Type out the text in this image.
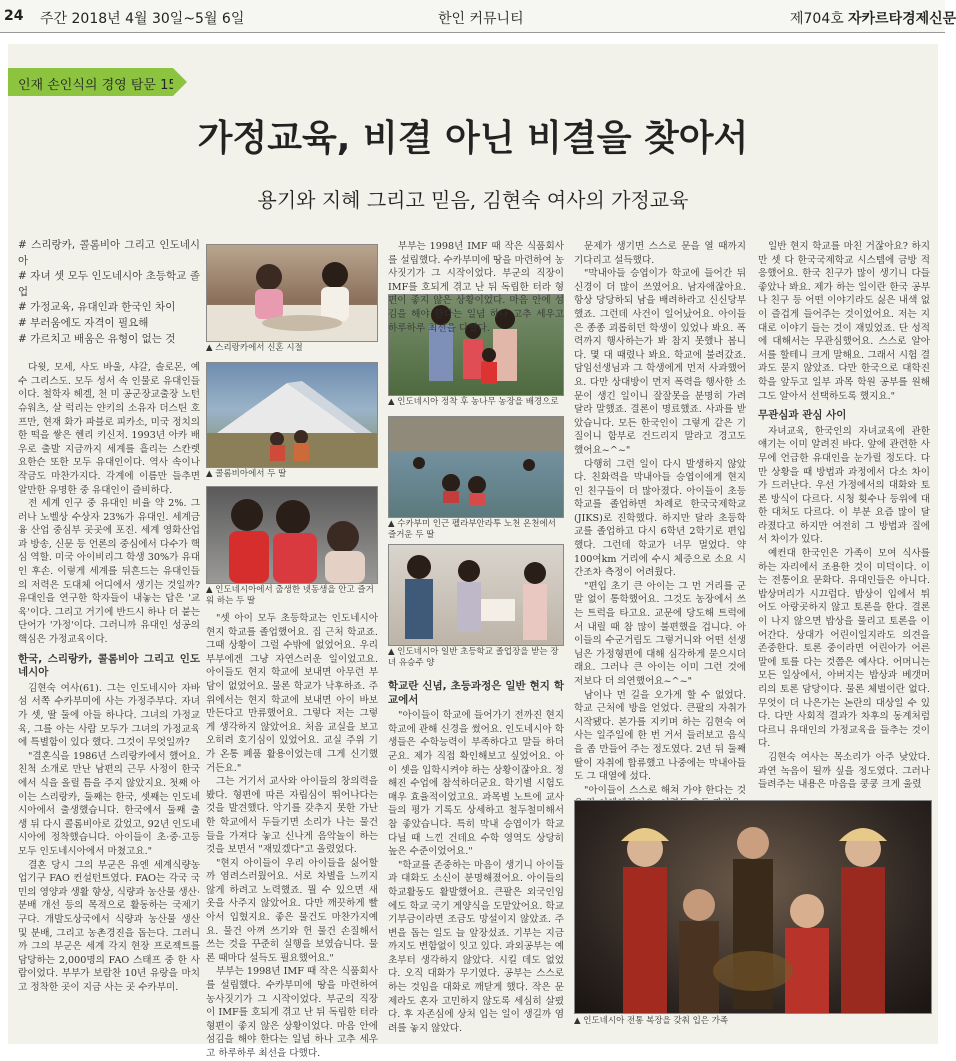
24 주간 2018년 4월 30일~5월 6일	한인 커뮤니티	제704호 자카르타경제신문
인재 손인식의 경영 탐문 15
가정교육, 비결 아닌 비결을 찾아서
용기와 지혜 그리고 믿음, 김현숙 여사의 가정교육
# 스리랑카, 콜롬비아 그리고 인도네시아
# 자녀 셋 모두 인도네시아 초등학교 졸업
# 가정교육, 유대인과 한국인 차이
# 부러움에도 자격이 필요해
# 가르치고 배움은 유형이 없는 것

다윗, 모세, 사도 바울, 샤갈, 솔로몬, 예수 그리스도. 모두 성서 속 인물로 유대인들이다. 철학자 헤겔, 천 미 공군장교출장 노턴 슈워츠, 살 럭리는 얀키의 소유자 더스틴 호프만, 현재 화가 파블로 피카소, 미국 정치의 한 떡을 쌓은 헨리 키신저. 1993년 아카 배우로 출발 지금까지 세계를 흘리는 스칸렛 요한슨 또한 모두 유대인이다. 역사 속이나 작금도 마찬가지다. 각계에 이름만 들추면 알만한 유명한 중 유대인이 즐비하다.

전 세계 인구 중 유대인 비율 약 2%. 그러나 노벨상 수상자 23%가 유대인. 세계금융 산업 중심부 곳곳에 포진. 세계 영화산업과 방송, 신문 등 언론의 중심에서 다수가 핵심 역할. 미국 아이비리그 학생 30%가 유대인 후손. 이렇게 세계를 뒤흔드는 유대인들의 저력은 도대체 어디에서 생기는 것일까? 유대인을 연구한 학자들이 내놓는 답은 '교육'이다. 그리고 거기에 반드시 하나 더 붙는 단어가 '가정'이다. 그러니까 유대인 성공의 핵심은 가정교육이다.

한국, 스리랑카, 콜롬비아 그리고 인도네시아

김현숙 여사(61). 그는 인도네시아 자바섬 서쪽 수카부미에 사는 가정주부다. 자녀가 셋, 딸 둘에 아들 하나다. 그녀의 가정교육, 그를 아는 사람 모두가 그녀의 가정교육에 특별함이 있다 했다. 그것이 무엇일까?

"결혼식을 1986년 스리랑카에서 했어요. 친척 소개로 만난 남편의 근무 사정이 한국에서 식을 올릴 틈을 주지 않았지요. 첫째 아이는 스리랑카, 둘째는 한국, 셋째는 인도네시아에서 출생했습니다. 한국에서 둘째 출생 뒤 다시 콜롬비아로 갔었고, 92년 인도네시아에 정착했습니다. 아이들이 초·중·고등 모두 인도네시아에서 마쳤고요."

결혼 당시 그의 부군은 유엔 세계식량농업기구 FAO 컨설턴트였다. FAO는 각국 국민의 영양과 생활 향상, 식량과 농산물 생산·분배 개선 등의 목적으로 활동하는 국제기구다. 개발도상국에서 식량과 농산물 생산 및 분배, 그리고 농촌경진을 돕는다. 그러니까 그의 부군은 세계 각지 현장 프로젝트를 담당하는 2,000명의 FAO 스태프 중 한 사람이었다. 부부가 보람찬 10년 유랑을 마치고 정착한 곳이 지금 사는 곳 수카부미.

▲ 스리랑카에서 신혼 시절
▲ 콜롬비아에서 두 딸
▲ 인도네시아에서 출생한 넷동생을 안고 즐거워 하는 두 딸

"셋 아이 모두 초등학교는 인도네시아 현지 학교를 졸업했어요. 집 근처 학교죠. 그때 상황이 그럴 수밖에 없었어요. 우리 부부에겐 그냥 자연스러운 일이었고요. 아이들도 현지 학교에 보내면 아무런 부담이 없었어요. 물론 학교가 낙후하죠. 주위에서는 현지 학교에 보내면 아이 바보 만든다고 만류했어요. 그렇다 저는 그렇게 생각하지 않았어요. 처음 교실을 보고 오히려 호기심이 있었어요. 교실 주위 기가 온통 폐품 활용이었는데 그게 신기했거든요."

그는 거기서 교사와 아이들의 창의력을 봤다. 형편에 따른 자립심이 뛰어나다는 것을 발견했다. 악기를 갖추지 못한 가난한 학교에서 두들기면 소리가 나는 물건들을 가져다 놓고 신나게 음악놀이 하는 것을 보면서 "재밌겠다"고 올렸었다.

"현지 아이들이 우리 아이들을 싫어할까 염려스러웠어요. 서로 차별을 느끼지 않게 하려고 노력했죠. 뭘 수 있으면 새 옷을 사주지 않았어요. 다만 깨끗하게 빨아서 입혔지요. 좋은 물건도 마찬가지예요. 물건 아껴 쓰기와 헌 물건 손질해서 쓰는 것을 꾸준히 실행을 보였습니다. 물론 때마다 설득도 필요했어요."

부부는 1998년 IMF 때 작은 식품회사를 설립했다. 수카부미에 땅을 마련하여 농사짓기가 그 시작이었다. 부군의 직장이 IMF를 호되게 겪고 난 뒤 독립한 터라 형편이 좋지 않은 상황이었다. 마음 안에 섬김을 해야 한다는 일념 하나 고추 세우고 하루하루 최선을 다했다.

▲ 인도네시아 정착 후 농나무 농장을 배경으로
▲ 수카부미 인근 펠라부안라투 노천 온천에서 즐거운 두 딸
▲ 인도네시아 일반 초등학교 졸업장을 받는 장녀 유승주 양
학교란 신념, 초등과정은 일반 현지 학교에서

"아이들이 학교에 들어가기 전까진 현지 학교에 관해 신경을 썼어요. 인도네시아 학생들은 수학능력이 부족하다고 말들 하더군요. 제가 직접 확인해보고 싶었어요. 아이 셋을 입학시켜야 하는 상황이잖아요. 정해진 수업에 참석하더군요. 학기별 시험도 매우 효율적이었고요. 과목별 노트에 교사들의 평가 기록도 상세하고 철두철미해서 참 좋았습니다. 특히 막내 승엽이가 학교 다닐 때 느낀 건데요 수학 영역도 상당히 높은 수준이었어요."

"학교를 존중하는 마음이 생기니 아이들과 대화도 소신이 분명해졌어요. 아이들의 학교활동도 활발했어요. 큰팔은 외국인임에도 학교 국기 게양식을 도맡았어요. 학교 기부금이라면 조금도 망설이지 않았죠. 주변을 돕는 일도 늘 앞장섰죠. 기부는 지금까지도 변함없이 잇고 있다. 과외공부는 예초부터 생각하지 않았다. 시킬 데도 없었다. 오직 대화가 무기였다. 공부는 스스로 하는 것임을 대화로 깨닫게 했다. 작은 문제라도 혼자 고민하지 않도록 세심히 살폈다. 후 자존심에 상처 입는 일이 생길까 염려를 놓지 않았다.

부부는 1998년 IMF 때 작은 식품회사를 설립했다. 수카부미에 땅을 마련하여 농사짓기가 그 시작이었다. 부군의 직장이 IMF를 호되게 겪고 난 뒤 독립한 터라 형편이 좋지 않은 상황이었다. 마음 안에 섬김을 해야 한다는 일념 하나 고추 세우고 하루하루 최선을 다했다.

문제가 생기면 스스로 문을 열 때까지 기다리고 설득했다.

"막내아들 승엽이가 학교에 들어간 뒤 신경이 더 많이 쓰였어요. 남자애잖아요. 항상 당당하되 남을 배려하라고 신신당부했죠. 그런데 사건이 일어났어요. 아이들은 종종 괴롭히던 학생이 있었나 봐요. 폭력까지 행사하는가 봐 참지 못했나 봅니다. 몇 대 때렸나 봐요. 학교에 불려갔죠. 담임선생님과 그 학생에게 먼저 사과했어요. 다만 상대방이 먼저 폭력을 행사한 소문이 생긴 일이니 잘잘못을 분명히 가려 달라 말했죠. 결론이 명료했죠. 사과를 받았습니다. 모든 한국인이 그렇게 같은 기질이니 함부로 건드리지 말라고 경고도 했어요~^~"

다행히 그런 일이 다시 발생하지 않았다. 친화력을 막내아들 승엽이에게 현지인 친구들이 더 많아졌다. 아이들이 초등학교를 졸업하면 차례로 한국국제학교(JIKS)로 진학했다. 하지만 달라 초등학교를 졸업하고 다시 6학년 2학기로 편입했다. 그런데 학교가 너무 멀었다. 약 100여km 거리에 수시 체증으로 소요 시간조차 측정이 어려웠다.

"편입 초기 큰 아이는 그 먼 거리를 군말 없이 통학했어요. 그것도 농장에서 쓰는 트럭을 타고요. 교문에 당도해 트럭에서 내릴 때 참 많이 불편했을 겁니다. 아이들의 수군거림도 그렇거니와 어떤 선생님은 가정형편에 대해 심각하게 묻으시더래요. 그러나 큰 아이는 이미 그런 것에 저보다 더 의연했어요~^~"

남이나 먼 길을 오가게 할 수 없었다. 학교 근처에 방을 얻었다. 큰팔의 자취가 시작됐다. 본가를 지키며 하는 김현숙 여사는 일주일에 한 번 거서 들러보고 음식을 좀 만들어 주는 정도였다. 2년 뒤 둘째 딸이 자취에 합류했고 나중에는 막내아들도 그 대열에 섰다.

"아이들이 스스로 해쳐 가야 한다는 것

일반 현지 학교를 마친 거잖아요? 하지만 셋 다 한국국제학교 시스템에 금방 적응했어요. 한국 친구가 많이 생기니 다들 좋았나 봐요. 제가 하는 일이란 한국 공부나 친구 등 어떤 이야기라도 싫은 내색 없이 즐겁게 들어주는 것이었어요. 저는 지대로 이야기 들는 것이 재밌었죠. 단 성적에 대해서는 무관심했어요. 스스로 알아서를 할테니 크게 말해요. 그래서 시험 결과도 묻지 않았죠. 다만 한국으로 대학진학을 앞두고 일부 과목 학원 공부를 원해 그도 알아서 선택하도록 했지요."

무관심과 관심 사이

자녀교육, 한국인의 자녀교육에 관한 얘기는 이미 알려진 바다. 앞에 관련한 사무에 언급한 유대인을 눈가릴 정도다. 다만 상황을 때 방법과 과정에서 다소 차이가 드러난다. 우선 가정에서의 대화와 토론 방식이 다르다. 시청 횟수나 등위에 대한 대처도 다르다. 이 부분 요즘 많이 달라졌다고 하지만 여전히 그 방법과 질에서 차이가 있다.

예컨대 한국인은 가족이 모여 식사를 하는 자리에서 조용한 것이 미덕이다. 이는 전통이요 문화다. 유대인들은 아니다. 밥상머리가 시끄럽다. 밥상이 입에서 튀어도 아랑곳하지 않고 토론을 한다. 결론이 나지 않으면 밥상을 물리고 토론을 이어간다. 상대가 어린이일지라도 의견을 존중한다. 토론 중이라면 어린아가 어른 말에 토를 다는 것쯤은 예사다. 어머니는 모든 일상에서, 아버지는 밥상과 베갯머리의 토론 담당이다. 물론 체벌이란 없다. 무엇이 더 나은가는 논란의 대상일 수 있다. 다만 사회적 결과가 차후의 동계처럼 다르니 유대인의 가정교육을 들추는 것이다.

김현숙 여사는 목소리가 아주 낮았다. 과연 녹음이 될까 싶을 정도였다. 그러나 들려주는 내용은 마음을 쿵쿵 크게 울렸

▲ 인도네시아 전통 복장을 갖춰 입은 가족
